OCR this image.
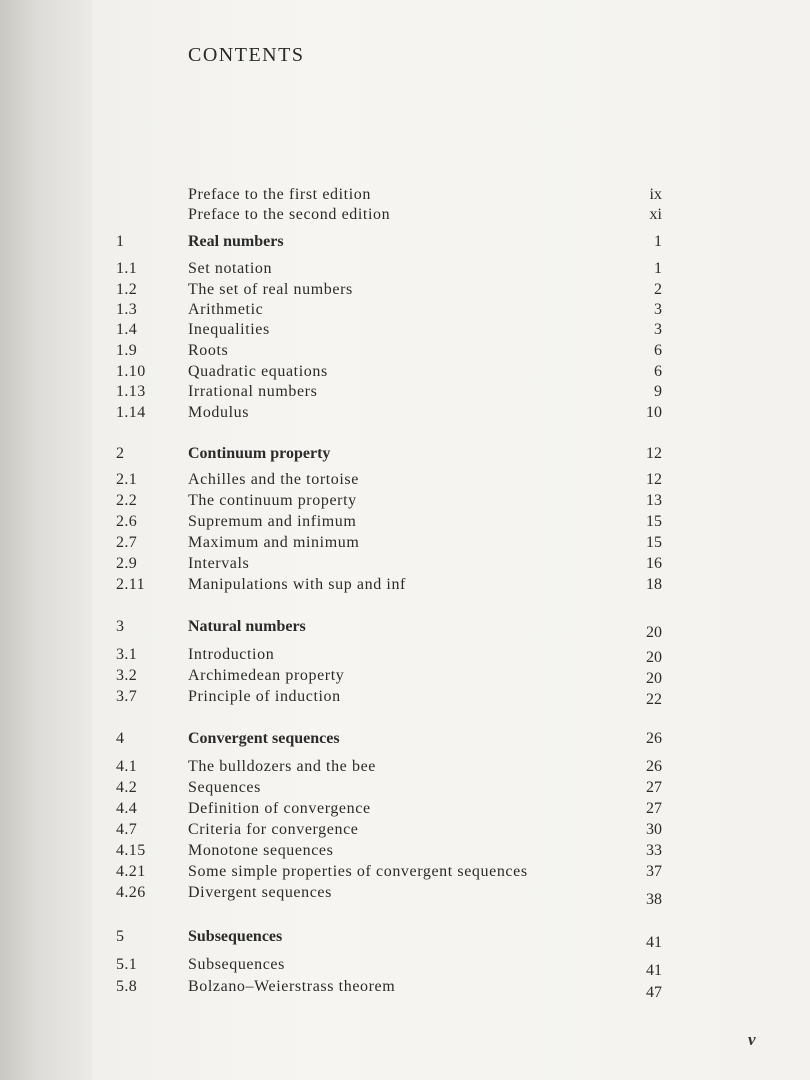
CONTENTS
Preface to the first edition	ix
Preface to the second edition	xi
1	Real numbers	1
1.1	Set notation	1
1.2	The set of real numbers	2
1.3	Arithmetic	3
1.4	Inequalities	3
1.9	Roots	6
1.10	Quadratic equations	6
1.13	Irrational numbers	9
1.14	Modulus	10
2	Continuum property	12
2.1	Achilles and the tortoise	12
2.2	The continuum property	13
2.6	Supremum and infimum	15
2.7	Maximum and minimum	15
2.9	Intervals	16
2.11	Manipulations with sup and inf	18
3	Natural numbers	20
3.1	Introduction	20
3.2	Archimedean property	20
3.7	Principle of induction	22
4	Convergent sequences	26
4.1	The bulldozers and the bee	26
4.2	Sequences	27
4.4	Definition of convergence	27
4.7	Criteria for convergence	30
4.15	Monotone sequences	33
4.21	Some simple properties of convergent sequences	37
4.26	Divergent sequences	38
5	Subsequences	41
5.1	Subsequences	41
5.8	Bolzano–Weierstrass theorem	47
v
